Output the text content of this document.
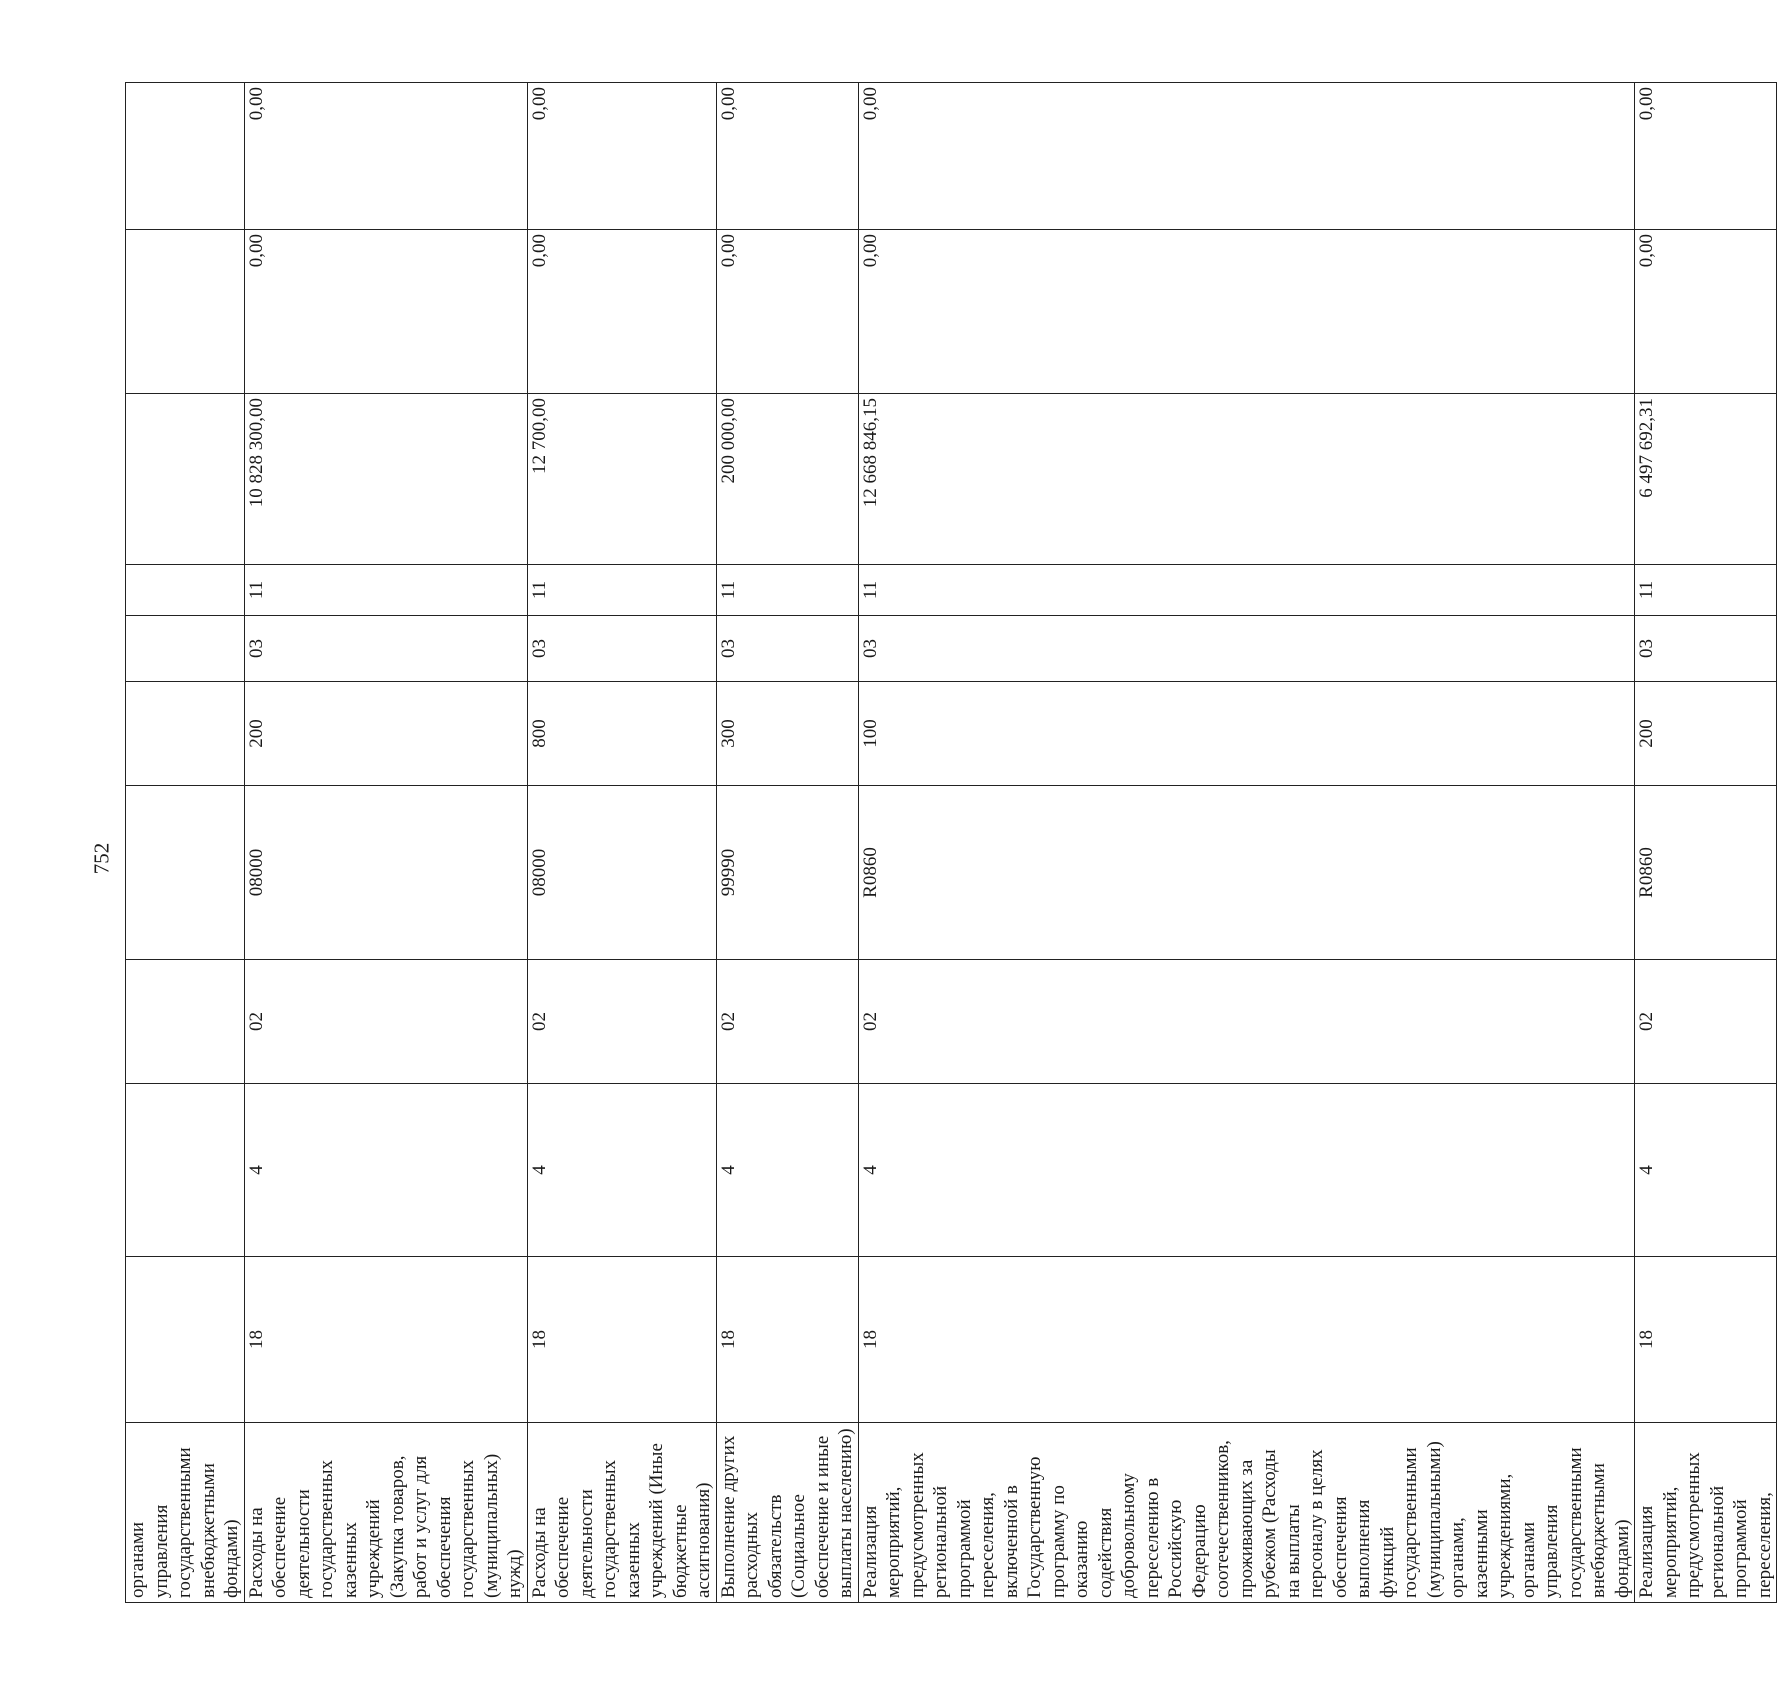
752
органами управления государственными внебюджетными фондами)										
Расходы на обеспечение деятельности государственных казенных учреждений (Закупка товаров, работ и услуг для обеспечения государственных (муниципальных) нужд)	18	4	02	08000	200	03	11	10 828 300,00	0,00	0,00
Расходы на обеспечение деятельности государственных казенных учреждений (Иные бюджетные ассигнования)	18	4	02	08000	800	03	11	12 700,00	0,00	0,00
Выполнение других расходных обязательств (Социальное обеспечение и иные выплаты населению)	18	4	02	99990	300	03	11	200 000,00	0,00	0,00
Реализация мероприятий, предусмотренных региональной программой переселения, включенной в Государственную программу по оказанию содействия добровольному переселению в Российскую Федерацию соотечественников, проживающих за рубежом (Расходы на выплаты персоналу в целях обеспечения выполнения функций государственными (муниципальными) органами, казенными учреждениями, органами управления государственными внебюджетными фондами)	18	4	02	R0860	100	03	11	12 668 846,15	0,00	0,00
Реализация мероприятий, предусмотренных региональной программой переселения,	18	4	02	R0860	200	03	11	6 497 692,31	0,00	0,00
